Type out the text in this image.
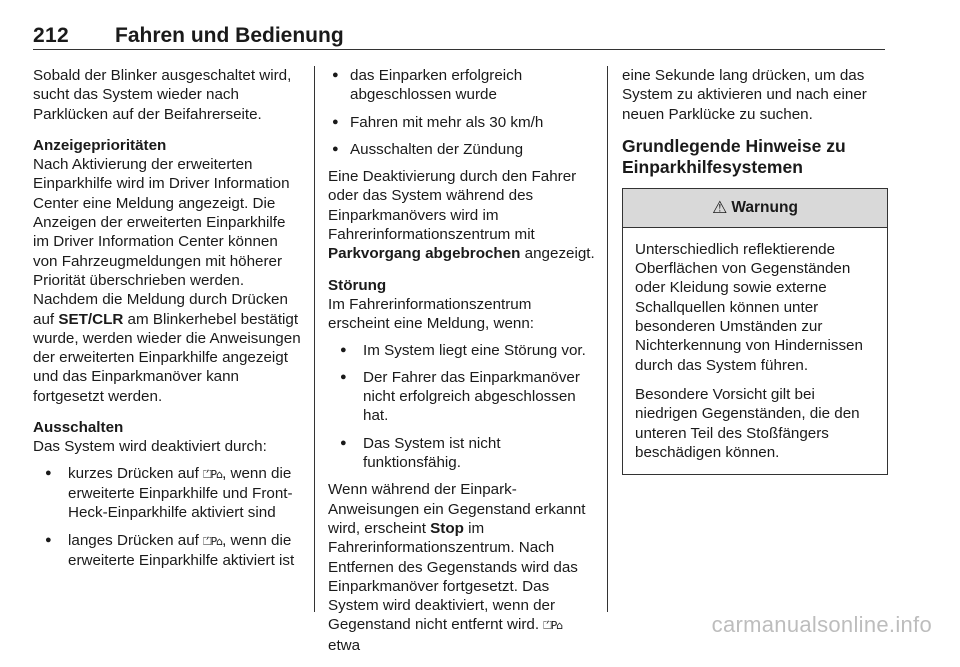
212 Fahren und Bedienung

Sobald der Blinker ausgeschaltet wird, sucht das System wieder nach Parklücken auf der Beifahrerseite.

Anzeigeprioritäten

Nach Aktivierung der erweiterten Einparkhilfe wird im Driver Information Center eine Meldung angezeigt. Die Anzeigen der erweiterten Einparkhilfe im Driver Information Center können von Fahrzeugmeldungen mit höherer Priorität überschrieben werden.

Nachdem die Meldung durch Drücken auf SET/CLR am Blinkerhebel bestätigt wurde, werden wieder die Anweisungen der erweiterten Einparkhilfe angezeigt und das Einparkmanöver kann fortgesetzt werden.

Ausschalten

Das System wird deaktiviert durch:

● kurzes Drücken auf ⏍P⌂, wenn die erweiterte Einparkhilfe und Front-Heck-Einparkhilfe aktiviert sind
● langes Drücken auf ⏍P⌂, wenn die erweiterte Einparkhilfe aktiviert ist
● das Einparken erfolgreich abgeschlossen wurde
● Fahren mit mehr als 30 km/h
● Ausschalten der Zündung

Eine Deaktivierung durch den Fahrer oder das System während des Einparkmanövers wird im Fahrerinformationszentrum mit Parkvorgang abgebrochen angezeigt.

Störung

Im Fahrerinformationszentrum erscheint eine Meldung, wenn:

● Im System liegt eine Störung vor.
● Der Fahrer das Einparkmanöver nicht erfolgreich abgeschlossen hat.
● Das System ist nicht funktionsfähig.

Wenn während der Einpark-Anweisungen ein Gegenstand erkannt wird, erscheint Stop im Fahrerinformationszentrum. Nach Entfernen des Gegenstands wird das Einparkmanöver fortgesetzt. Das System wird deaktiviert, wenn der Gegenstand nicht entfernt wird. ⏍P⌂ etwa

eine Sekunde lang drücken, um das System zu aktivieren und nach einer neuen Parklücke zu suchen.

Grundlegende Hinweise zu Einparkhilfesystemen

⚠ Warnung

Unterschiedlich reflektierende Oberflächen von Gegenständen oder Kleidung sowie externe Schallquellen können unter besonderen Umständen zur Nichterkennung von Hindernissen durch das System führen.

Besondere Vorsicht gilt bei niedrigen Gegenständen, die den unteren Teil des Stoßfängers beschädigen können.

carmanualsonline.info
